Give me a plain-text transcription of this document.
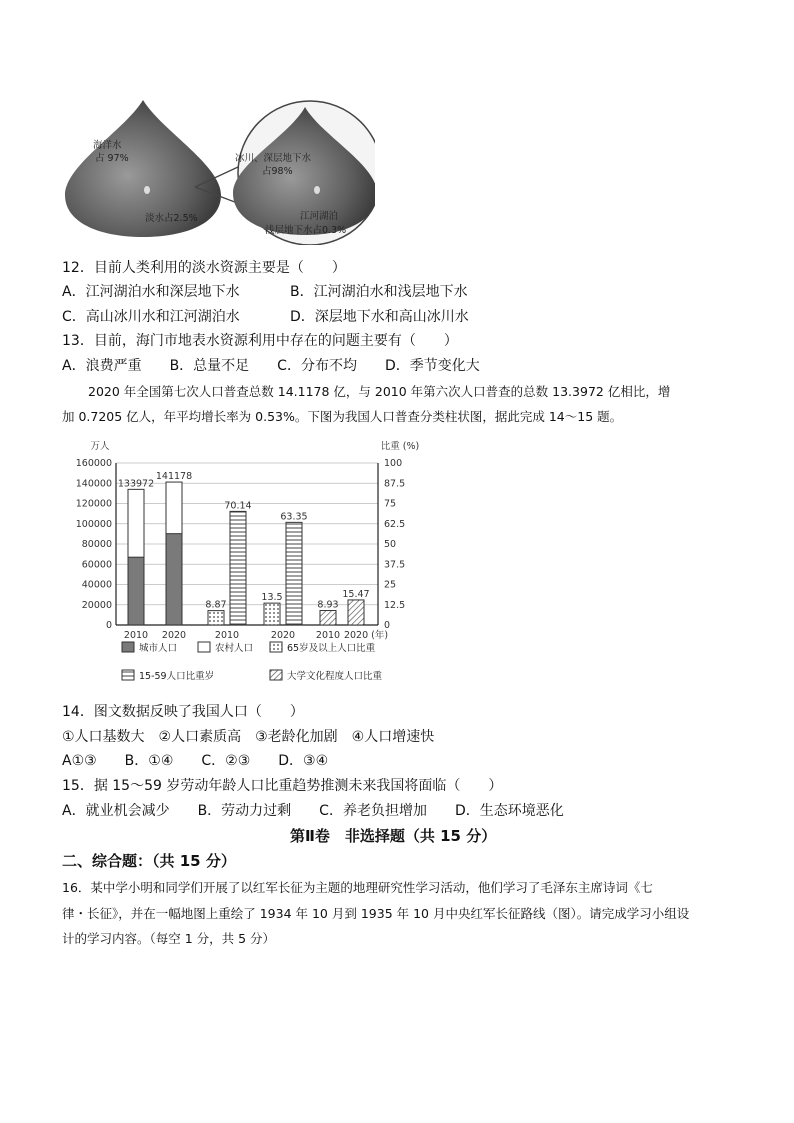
海洋水
占 97%
淡水占2.5%
冰川、深层地下水
占98%
江河湖泊
浅层地下水占0.3%
12．目前人类利用的淡水资源主要是（　　）
A．江河湖泊水和深层地下水	B．江河湖泊水和浅层地下水
C．高山冰川水和江河湖泊水	D．深层地下水和高山冰川水
13．目前，海门市地表水资源利用中存在的问题主要有（　　）
A．浪费严重　　B．总量不足　　C．分布不均　　D．季节变化大
2020 年全国第七次人口普查总数 14.1178 亿，与 2010 年第六次人口普查的总数 13.3972 亿相比，增
加 0.7205 亿人，年平均增长率为 0.53%。下图为我国人口普查分类柱状图，据此完成 14～15 题。
万人	比重 (%)
160000
140000
120000
100000
80000
60000
40000
20000
0
100
87.5
75
62.5
50
37.5
25
12.5
0
133972
141178
8.87
70.14
13.5
63.35
8.93
15.47
2010 2020	2010	2020 2010 2020 (年)
城市人口	农村人口	65岁及以上人口比重
15-59人口比重岁	大学文化程度人口比重
14．图文数据反映了我国人口（　　）
①人口基数大　②人口素质高　③老龄化加剧　④人口增速快
A①③　　B．①④　　C．②③　　D．③④
15．据 15～59 岁劳动年龄人口比重趋势推测未来我国将面临（　　）
A．就业机会减少　　B．劳动力过剩　　C．养老负担增加　　D．生态环境恶化
第Ⅱ卷　非选择题（共 15 分）
二、综合题：（共 15 分）
16．某中学小明和同学们开展了以红军长征为主题的地理研究性学习活动，他们学习了毛泽东主席诗词《七
律・长征》，并在一幅地图上重绘了 1934 年 10 月到 1935 年 10 月中央红军长征路线（图）。请完成学习小组设
计的学习内容。（每空 1 分，共 5 分）
